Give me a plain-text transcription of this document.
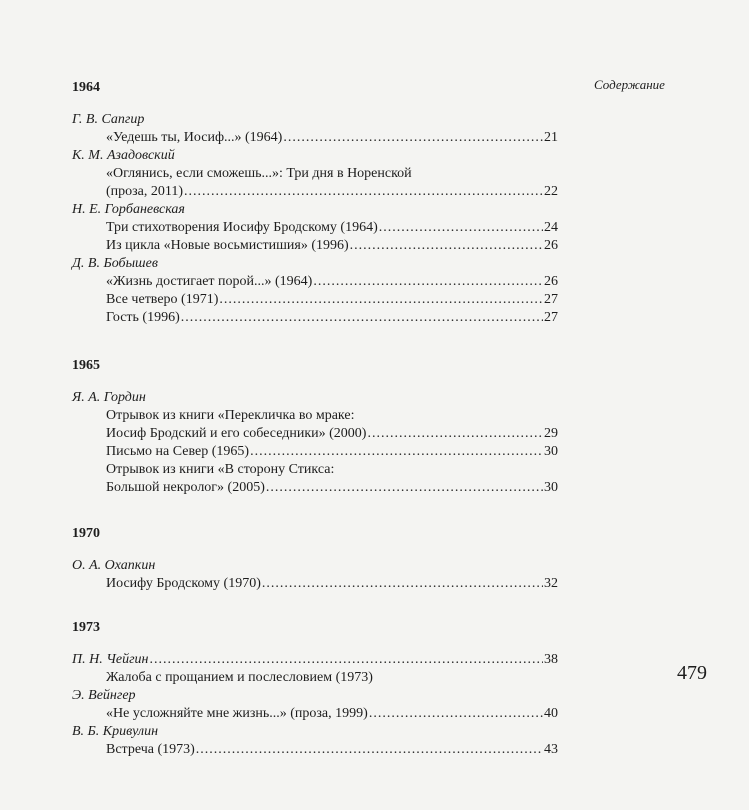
Содержание
479
1964
Г. В. Сапгир
«Уедешь ты, Иосиф...» (1964) .....	21
К. М. Азадовский
«Оглянись, если сможешь...»: Три дня в Норенской
(проза, 2011) .....	22
Н. Е. Горбаневская
Три стихотворения Иосифу Бродскому (1964) .....	24
Из цикла «Новые восьмистишия» (1996) .....	26
Д. В. Бобышев
«Жизнь достигает порой...» (1964) .....	26
Все четверо (1971) .....	27
Гость (1996) .....	27
1965
Я. А. Гордин
Отрывок из книги «Перекличка во мраке:
Иосиф Бродский и его собеседники» (2000) .....	29
Письмо на Север (1965) .....	30
Отрывок из книги «В сторону Стикса:
Большой некролог» (2005) .....	30
1970
О. А. Охапкин
Иосифу Бродскому (1970) .....	32
1973
П. Н. Чейгин .....	38
Жалоба с прощанием и послесловием (1973)
Э. Вейнгер
«Не усложняйте мне жизнь...» (проза, 1999) .....	40
В. Б. Кривулин
Встреча (1973) .....	43
